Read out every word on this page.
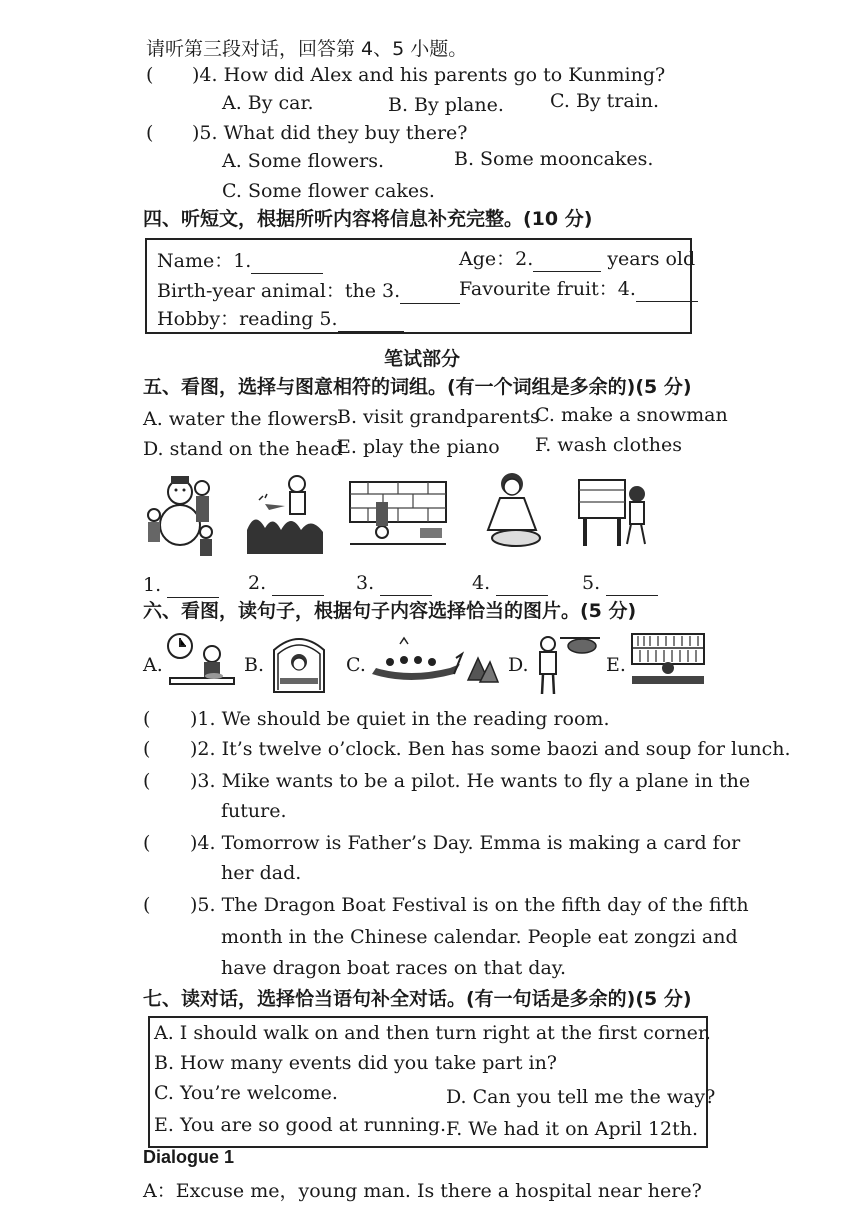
请听第三段对话，回答第 4、5 小题。
( )4. How did Alex and his parents go to Kunming?
A. By car.	B. By plane. C. By train.
( )5. What did they buy there?
A. Some flowers.	B. Some mooncakes.
C. Some flower cakes.
四、听短文，根据所听内容将信息补充完整。(10 分)
Name：1.	Age：2.	years old
Birth-year animal：the 3.	Favourite fruit：4.
Hobby：reading 5.
笔试部分
五、看图，选择与图意相符的词组。(有一个词组是多余的)(5 分)
A. water the flowers
B. visit grandparents
C. make a snowman
D. stand on the head
E. play the piano F. wash clothes
1.	2.	3.	4.	5.
六、看图，读句子，根据句子内容选择恰当的图片。(5 分)
A.	B.	C.	D.	E.
( )1. We should be quiet in the reading room.
( )2. It’s twelve o’clock. Ben has some baozi and soup for lunch.
( )3. Mike wants to be a pilot. He wants to fly a plane in the
future.
( )4. Tomorrow is Father’s Day. Emma is making a card for
her dad.
( )5. The Dragon Boat Festival is on the fifth day of the fifth
month in the Chinese calendar. People eat zongzi and
have dragon boat races on that day.
七、读对话，选择恰当语句补全对话。(有一句话是多余的)(5 分)
A. I should walk on and then turn right at the first corner.
B. How many events did you take part in?
C. You’re welcome.	D. Can you tell me the way?
E. You are so good at running. F. We had it on April 12th.
Dialogue 1
A：Excuse me，young man. Is there a hospital near here?
